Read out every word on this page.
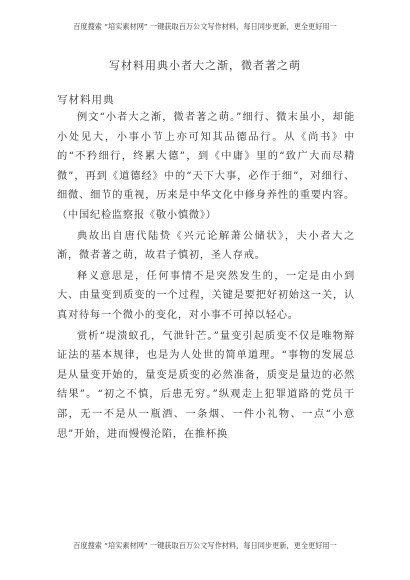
百度搜索 “培实素材网” 一键获取百万公文写作材料，每日同步更新，更全更好用一
写材料用典小者大之渐，微者著之萌
写材料用典

例文“小者大之渐，微者著之萌。”细行、微末虽小，却能小处见大，小事小节上亦可知其品德品行。从《尚书》中的“不矜细行，终累大德”，到《中庸》里的“致广大而尽精微”，再到《道德经》中的“天下大事，必作于细”，对细行、细微、细节的重视，历来是中华文化中修身养性的重要内容。（中国纪检监察报《敬小慎微》）

典故出自唐代陆贽《兴元论解萧公储状》，夫小者大之渐，微者著之萌，故君子慎初，圣人存戒。

释义意思是，任何事情不是突然发生的，一定是由小到大、由量变到质变的一个过程，关键是要把好初始这一关，认真对待每一个微小的变化，对小事不可掉以轻心。

赏析“堤溃蚁孔，气泄针芒。”量变引起质变不仅是唯物辩证法的基本规律，也是为人处世的简单道理。“事物的发展总是从量变开始的，量变是质变的必然准备，质变是量边的必然结果”。“初之不慎，后患无穷。”纵观走上犯罪道路的党员干部，无一不是从一瓶酒、一条烟、一件小礼物、一点“小意思”开始，进而慢慢沦陷，在推杯换

百度搜索 “培实素材网” 一键获取百万公文写作材料，每日同步更新，更全更好用一
